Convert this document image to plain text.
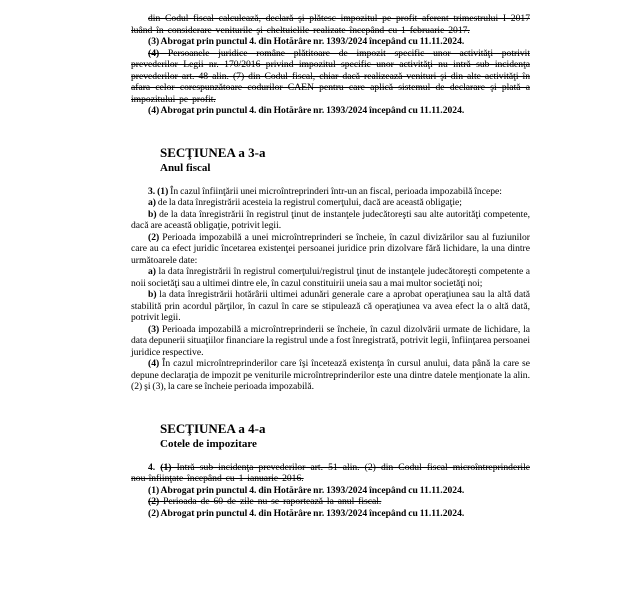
din Codul fiscal calculează, declară şi plătesc impozitul pe profit aferent trimestrului I 2017 luând în considerare veniturile şi cheltuielile realizate începând cu 1 februarie 2017.

(3) Abrogat prin punctul 4. din Hotărâre nr. 1393/2024 începând cu 11.11.2024.

(4) Persoanele juridice române plătitoare de impozit specific unor activităţi potrivit prevederilor Legii nr. 170/2016 privind impozitul specific unor activităţi nu intră sub incidenţa prevederilor art. 48 alin. (7) din Codul fiscal, chiar dacă realizează venituri şi din alte activităţi în afara celor corespunzătoare codurilor CAEN pentru care aplică sistemul de declarare şi plată a impozitului pe profit.

(4) Abrogat prin punctul 4. din Hotărâre nr. 1393/2024 începând cu 11.11.2024.

SECŢIUNEA a 3-a
Anul fiscal

3. (1) În cazul înfiinţării unei microîntreprinderi într-un an fiscal, perioada impozabilă începe:

a) de la data înregistrării acesteia la registrul comerţului, dacă are această obligaţie;

b) de la data înregistrării în registrul ţinut de instanţele judecătoreşti sau alte autorităţi competente, dacă are această obligaţie, potrivit legii.

(2) Perioada impozabilă a unei microîntreprinderi se încheie, în cazul divizărilor sau al fuziunilor care au ca efect juridic încetarea existenţei persoanei juridice prin dizolvare fără lichidare, la una dintre următoarele date:

a) la data înregistrării în registrul comerţului/registrul ţinut de instanţele judecătoreşti competente a noii societăţi sau a ultimei dintre ele, în cazul constituirii uneia sau a mai multor societăţi noi;

b) la data înregistrării hotărârii ultimei adunări generale care a aprobat operaţiunea sau la altă dată stabilită prin acordul părţilor, în cazul în care se stipulează că operaţiunea va avea efect la o altă dată, potrivit legii.

(3) Perioada impozabilă a microîntreprinderii se încheie, în cazul dizolvării urmate de lichidare, la data depunerii situaţiilor financiare la registrul unde a fost înregistrată, potrivit legii, înfiinţarea persoanei juridice respective.

(4) În cazul microîntreprinderilor care îşi încetează existenţa în cursul anului, data până la care se depune declaraţia de impozit pe veniturile microîntreprinderilor este una dintre datele menţionate la alin. (2) şi (3), la care se încheie perioada impozabilă.

SECŢIUNEA a 4-a
Cotele de impozitare

4. (1) Intră sub incidenţa prevederilor art. 51 alin. (2) din Codul fiscal microîntreprinderile nou-înfiinţate începând cu 1 ianuarie 2016.

(1) Abrogat prin punctul 4. din Hotărâre nr. 1393/2024 începând cu 11.11.2024.

(2) Perioada de 60 de zile nu se raportează la anul fiscal.

(2) Abrogat prin punctul 4. din Hotărâre nr. 1393/2024 începând cu 11.11.2024.
